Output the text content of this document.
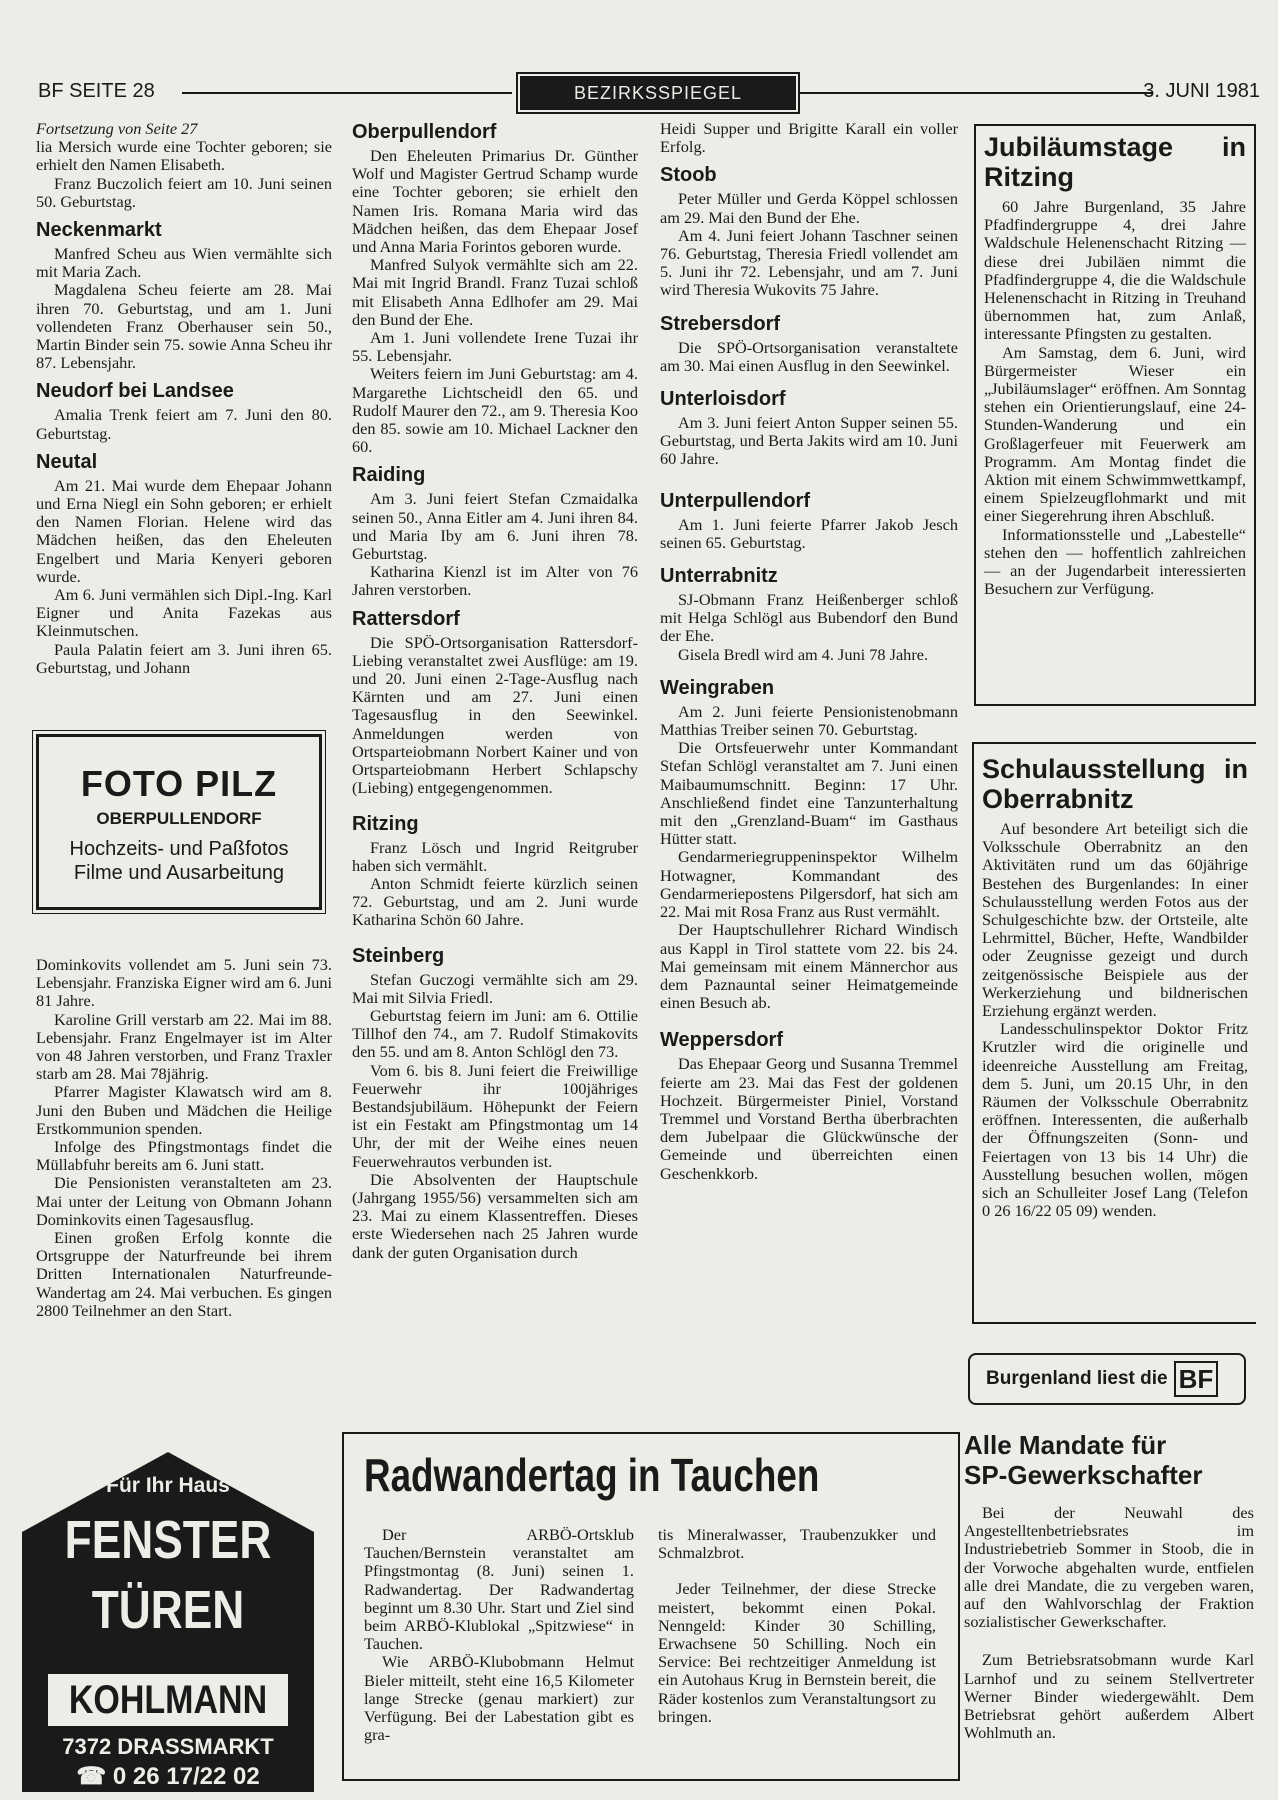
BF SEITE 28	BEZIRKSSPIEGEL	3. JUNI 1981

Fortsetzung von Seite 27

lia Mersich wurde eine Tochter geboren; sie erhielt den Namen Elisabeth.

Franz Buczolich feiert am 10. Juni seinen 50. Geburtstag.

Neckenmarkt

Manfred Scheu aus Wien vermählte sich mit Maria Zach.

Magdalena Scheu feierte am 28. Mai ihren 70. Geburtstag, und am 1. Juni vollendeten Franz Oberhauser sein 50., Martin Binder sein 75. sowie Anna Scheu ihr 87. Lebensjahr.

Neudorf bei Landsee

Amalia Trenk feiert am 7. Juni den 80. Geburtstag.

Neutal

Am 21. Mai wurde dem Ehepaar Johann und Erna Niegl ein Sohn geboren; er erhielt den Namen Florian. Helene wird das Mädchen heißen, das den Eheleuten Engelbert und Maria Kenyeri geboren wurde.

Am 6. Juni vermählen sich Dipl.-Ing. Karl Eigner und Anita Fazekas aus Kleinmutschen.

Paula Palatin feiert am 3. Juni ihren 65. Geburtstag, und Johann

FOTO PILZ
OBERPULLENDORF
Hochzeits- und Paßfotos
Filme und Ausarbeitung

Dominkovits vollendet am 5. Juni sein 73. Lebensjahr. Franziska Eigner wird am 6. Juni 81 Jahre.

Karoline Grill verstarb am 22. Mai im 88. Lebensjahr. Franz Engelmayer ist im Alter von 48 Jahren verstorben, und Franz Traxler starb am 28. Mai 78jährig.

Pfarrer Magister Klawatsch wird am 8. Juni den Buben und Mädchen die Heilige Erstkommunion spenden.

Infolge des Pfingstmontags findet die Müllabfuhr bereits am 6. Juni statt.

Die Pensionisten veranstalteten am 23. Mai unter der Leitung von Obmann Johann Dominkovits einen Tagesausflug.

Einen großen Erfolg konnte die Ortsgruppe der Naturfreunde bei ihrem Dritten Internationalen Naturfreunde-Wandertag am 24. Mai verbuchen. Es gingen 2800 Teilnehmer an den Start.

Für Ihr Haus
FENSTER
TÜREN
KOHLMANN
7372 DRASSMARKT
☎ 0 26 17/22 02
Oberpullendorf

Den Eheleuten Primarius Dr. Günther Wolf und Magister Gertrud Schamp wurde eine Tochter geboren; sie erhielt den Namen Iris. Romana Maria wird das Mädchen heißen, das dem Ehepaar Josef und Anna Maria Forintos geboren wurde.

Manfred Sulyok vermählte sich am 22. Mai mit Ingrid Brandl. Franz Tuzai schloß mit Elisabeth Anna Edlhofer am 29. Mai den Bund der Ehe.

Am 1. Juni vollendete Irene Tuzai ihr 55. Lebensjahr.

Weiters feiern im Juni Geburtstag: am 4. Margarethe Lichtscheidl den 65. und Rudolf Maurer den 72., am 9. Theresia Koo den 85. sowie am 10. Michael Lackner den 60.

Raiding

Am 3. Juni feiert Stefan Czmaidalka seinen 50., Anna Eitler am 4. Juni ihren 84. und Maria Iby am 6. Juni ihren 78. Geburtstag.

Katharina Kienzl ist im Alter von 76 Jahren verstorben.

Rattersdorf

Die SPÖ-Ortsorganisation Rattersdorf-Liebing veranstaltet zwei Ausflüge: am 19. und 20. Juni einen 2-Tage-Ausflug nach Kärnten und am 27. Juni einen Tagesausflug in den Seewinkel. Anmeldungen werden von Ortsparteiobmann Norbert Kainer und von Ortsparteiobmann Herbert Schlapschy (Liebing) entgegengenommen.

Ritzing

Franz Lösch und Ingrid Reitgruber haben sich vermählt.

Anton Schmidt feierte kürzlich seinen 72. Geburtstag, und am 2. Juni wurde Katharina Schön 60 Jahre.

Steinberg

Stefan Guczogi vermählte sich am 29. Mai mit Silvia Friedl.

Geburtstag feiern im Juni: am 6. Ottilie Tillhof den 74., am 7. Rudolf Stimakovits den 55. und am 8. Anton Schlögl den 73.

Vom 6. bis 8. Juni feiert die Freiwillige Feuerwehr ihr 100jähriges Bestandsjubiläum. Höhepunkt der Feiern ist ein Festakt am Pfingstmontag um 14 Uhr, der mit der Weihe eines neuen Feuerwehrautos verbunden ist.

Die Absolventen der Hauptschule (Jahrgang 1955/56) versammelten sich am 23. Mai zu einem Klassentreffen. Dieses erste Wiedersehen nach 25 Jahren wurde dank der guten Organisation durch

Heidi Supper und Brigitte Karall ein voller Erfolg.

Stoob

Peter Müller und Gerda Köppel schlossen am 29. Mai den Bund der Ehe.

Am 4. Juni feiert Johann Taschner seinen 76. Geburtstag, Theresia Friedl vollendet am 5. Juni ihr 72. Lebensjahr, und am 7. Juni wird Theresia Wukovits 75 Jahre.

Strebersdorf

Die SPÖ-Ortsorganisation veranstaltete am 30. Mai einen Ausflug in den Seewinkel.

Unterloisdorf

Am 3. Juni feiert Anton Supper seinen 55. Geburtstag, und Berta Jakits wird am 10. Juni 60 Jahre.

Unterpullendorf

Am 1. Juni feierte Pfarrer Jakob Jesch seinen 65. Geburtstag.

Unterrabnitz

SJ-Obmann Franz Heißenberger schloß mit Helga Schlögl aus Bubendorf den Bund der Ehe.

Gisela Bredl wird am 4. Juni 78 Jahre.

Weingraben

Am 2. Juni feierte Pensionistenobmann Matthias Treiber seinen 70. Geburtstag.

Die Ortsfeuerwehr unter Kommandant Stefan Schlögl veranstaltet am 7. Juni einen Maibaumumschnitt. Beginn: 17 Uhr. Anschließend findet eine Tanzunterhaltung mit den „Grenzland-Buam“ im Gasthaus Hütter statt.

Gendarmeriegruppeninspektor Wilhelm Hotwagner, Kommandant des Gendarmeriepostens Pilgersdorf, hat sich am 22. Mai mit Rosa Franz aus Rust vermählt.

Der Hauptschullehrer Richard Windisch aus Kappl in Tirol stattete vom 22. bis 24. Mai gemeinsam mit einem Männerchor aus dem Paznauntal seiner Heimatgemeinde einen Besuch ab.

Weppersdorf

Das Ehepaar Georg und Susanna Tremmel feierte am 23. Mai das Fest der goldenen Hochzeit. Bürgermeister Piniel, Vorstand Tremmel und Vorstand Bertha überbrachten dem Jubelpaar die Glückwünsche der Gemeinde und überreichten einen Geschenkkorb.

Jubiläumstage in Ritzing

60 Jahre Burgenland, 35 Jahre Pfadfindergruppe 4, drei Jahre Waldschule Helenenschacht Ritzing — diese drei Jubiläen nimmt die Pfadfindergruppe 4, die die Waldschule Helenenschacht in Ritzing in Treuhand übernommen hat, zum Anlaß, interessante Pfingsten zu gestalten.

Am Samstag, dem 6. Juni, wird Bürgermeister Wieser ein „Jubiläumslager“ eröffnen. Am Sonntag stehen ein Orientierungslauf, eine 24-Stunden-Wanderung und ein Großlagerfeuer mit Feuerwerk am Programm. Am Montag findet die Aktion mit einem Schwimmwettkampf, einem Spielzeugflohmarkt und mit einer Siegerehrung ihren Abschluß.

Informationsstelle und „Labestelle“ stehen den — hoffentlich zahlreichen — an der Jugendarbeit interessierten Besuchern zur Verfügung.

Schulausstellung in Oberrabnitz

Auf besondere Art beteiligt sich die Volksschule Oberrabnitz an den Aktivitäten rund um das 60jährige Bestehen des Burgenlandes: In einer Schulausstellung werden Fotos aus der Schulgeschichte bzw. der Ortsteile, alte Lehrmittel, Bücher, Hefte, Wandbilder oder Zeugnisse gezeigt und durch zeitgenössische Beispiele aus der Werkerziehung und bildnerischen Erziehung ergänzt werden.

Landesschulinspektor Doktor Fritz Krutzler wird die originelle und ideenreiche Ausstellung am Freitag, dem 5. Juni, um 20.15 Uhr, in den Räumen der Volksschule Oberrabnitz eröffnen. Interessenten, die außerhalb der Öffnungszeiten (Sonn- und Feiertagen von 13 bis 14 Uhr) die Ausstellung besuchen wollen, mögen sich an Schulleiter Josef Lang (Telefon 0 26 16/22 05 09) wenden.

Burgenland liest die BF
Radwandertag in Tauchen

Der ARBÖ-Ortsklub Tauchen/Bernstein veranstaltet am Pfingstmontag (8. Juni) seinen 1. Radwandertag. Der Radwandertag beginnt um 8.30 Uhr. Start und Ziel sind beim ARBÖ-Klublokal „Spitzwiese“ in Tauchen.

Wie ARBÖ-Klubobmann Helmut Bieler mitteilt, steht eine 16,5 Kilometer lange Strecke (genau markiert) zur Verfügung. Bei der Labestation gibt es gra-

tis Mineralwasser, Traubenzukker und Schmalzbrot.

Jeder Teilnehmer, der diese Strecke meistert, bekommt einen Pokal. Nenngeld: Kinder 30 Schilling, Erwachsene 50 Schilling. Noch ein Service: Bei rechtzeitiger Anmeldung ist ein Autohaus Krug in Bernstein bereit, die Räder kostenlos zum Veranstaltungsort zu bringen.

Alle Mandate für
SP-Gewerkschafter

Bei der Neuwahl des Angestelltenbetriebsrates im Industriebetrieb Sommer in Stoob, die in der Vorwoche abgehalten wurde, entfielen alle drei Mandate, die zu vergeben waren, auf den Wahlvorschlag der Fraktion sozialistischer Gewerkschafter.

Zum Betriebsratsobmann wurde Karl Larnhof und zu seinem Stellvertreter Werner Binder wiedergewählt. Dem Betriebsrat gehört außerdem Albert Wohlmuth an.
